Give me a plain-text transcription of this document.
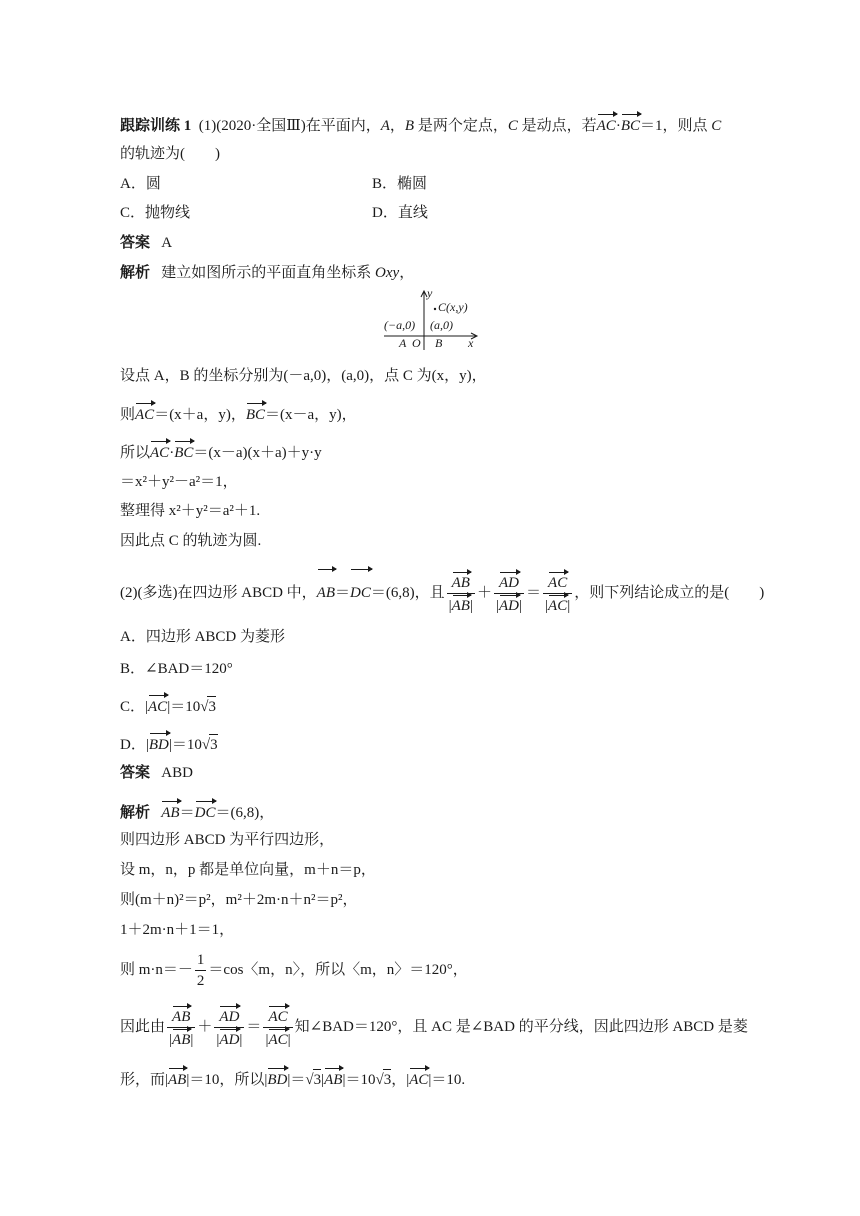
跟踪训练 1 (1)(2020·全国Ⅲ)在平面内，A，B 是两个定点，C 是动点，若AC·BC＝1，则点 C
的轨迹为(　　)
A．圆	B．椭圆
C．抛物线	D．直线
答案 A
解析 建立如图所示的平面直角坐标系 Oxy，
y
C(x,y)
(−a,0) (a,0)
A O B x
设点 A，B 的坐标分别为(－a,0)，(a,0)，点 C 为(x，y)，
则AC＝(x＋a，y)，BC＝(x－a，y)，
所以AC·BC＝(x－a)(x＋a)＋y·y
＝x²＋y²－a²＝1，
整理得 x²＋y²＝a²＋1.
因此点 C 的轨迹为圆.
(2)(多选)在四边形 ABCD 中，AB＝DC＝(6,8)，且 $\frac{AB}{|AB|} + \frac{AD}{|AD|} = \frac{AC}{|AC|}$ ，则下列结论成立的是(　　)
A．四边形 ABCD 为菱形
B．∠BAD＝120°
C．|AC|＝10√3
D．|BD|＝10√3
答案 ABD
解析 AB＝DC＝(6,8)，
则四边形 ABCD 为平行四边形，
设 m，n，p 都是单位向量，m＋n＝p，
则(m＋n)²＝p²，m²＋2m·n＋n²＝p²，
1＋2m·n＋1＝1，
则 $m\cdot n=- \frac{1}{2} =\cos$〈m，n〉，所以〈m，n〉＝120°，
因此由 $\frac{AB}{|AB|} + \frac{AD}{|AD|} = \frac{AC}{|AC|}$ 知∠BAD＝120°，且 AC 是∠BAD 的平分线，因此四边形 ABCD 是菱
形，而|AB|＝10，所以|BD|＝√3|AB|＝10√3，|AC|＝10.
